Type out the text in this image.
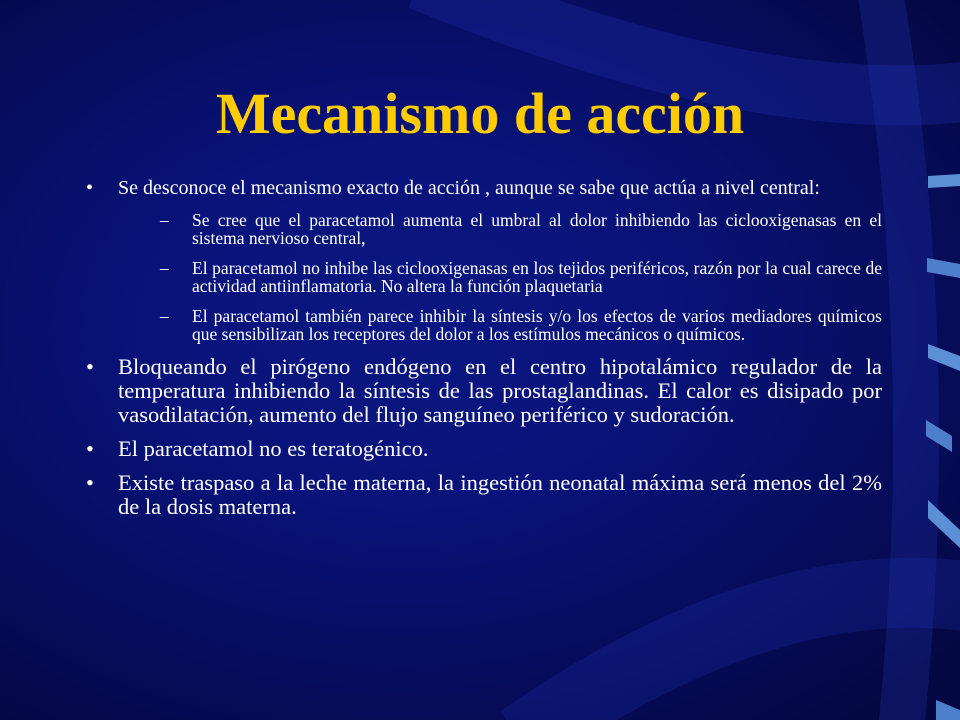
Mecanismo de acción
• Se desconoce el mecanismo exacto de acción , aunque se sabe que actúa a nivel central:
– Se cree que el paracetamol aumenta el umbral al dolor inhibiendo las ciclooxigenasas en el sistema nervioso central,
– El paracetamol no inhibe las ciclooxigenasas en los tejidos periféricos, razón por la cual carece de actividad antiinflamatoria. No altera la función plaquetaria
– El paracetamol también parece inhibir la síntesis y/o los efectos de varios mediadores químicos que sensibilizan los receptores del dolor a los estímulos mecánicos o químicos.
• Bloqueando el pirógeno endógeno en el centro hipotalámico regulador de la temperatura inhibiendo la síntesis de las prostaglandinas. El calor es disipado por vasodilatación, aumento del flujo sanguíneo periférico y sudoración.
• El paracetamol no es teratogénico.
• Existe traspaso a la leche materna, la ingestión neonatal máxima será menos del 2% de la dosis materna.
